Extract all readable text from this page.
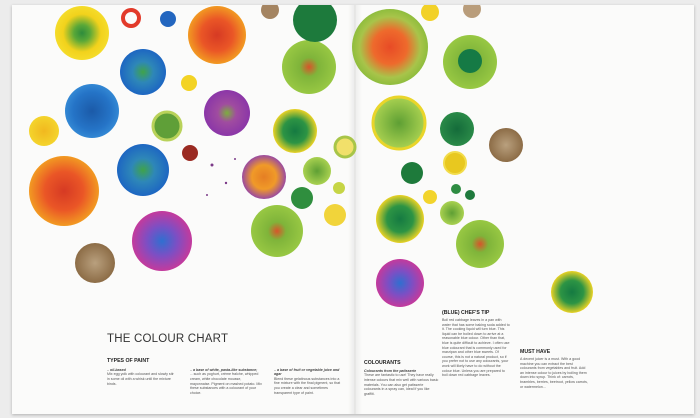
THE COLOUR CHART
TYPES OF PAINT
– oil-based
Mix egg yolk with colourant and slowly stir in some oil with a whisk until the mixture binds.
– a base of white, pasta-like substance;
…such as yoghurt, crème fraîche, whipped cream, white chocolate mousse, mayonnaise. Pigment on mashed potato. Mix these substances with a colourant of your choice.
– a base of fruit or vegetable juice and agar
Blend these gelatinous substances into a fine mixture with the final pigment, so that you create a clear and sometimes transparent type of paint.
COLOURANTS
Colourants from the patisserie
These are fantastic to use! They have really intense colours that mix well with various basic materials. You can also get patisserie colourants in a spray can, ideal if you like graffiti.
(BLUE) CHEF'S TIP
Boil red cabbage leaves in a pan with water that has some baking soda added to it. The cooking liquid will turn blue. This liquid can be boiled down to arrive at a reasonable blue colour. Other than that, blue is quite difficult to achieve. I often use blue colourant that is commonly used for marzipan and other blue sweets. Of course, this is not a natural product, so if you prefer not to use any colourants, your work will likely have to do without the colour blue. Unless you are prepared to boil down red cabbage leaves.
MUST HAVE
A decent juicer is a must. With a good machine you can extract the best colourants from vegetables and fruit. Add an intense colour to juices by boiling them down into syrup. Think of: carrots, brambles, berries, beetroot, yellow carrots, or watermelon…
